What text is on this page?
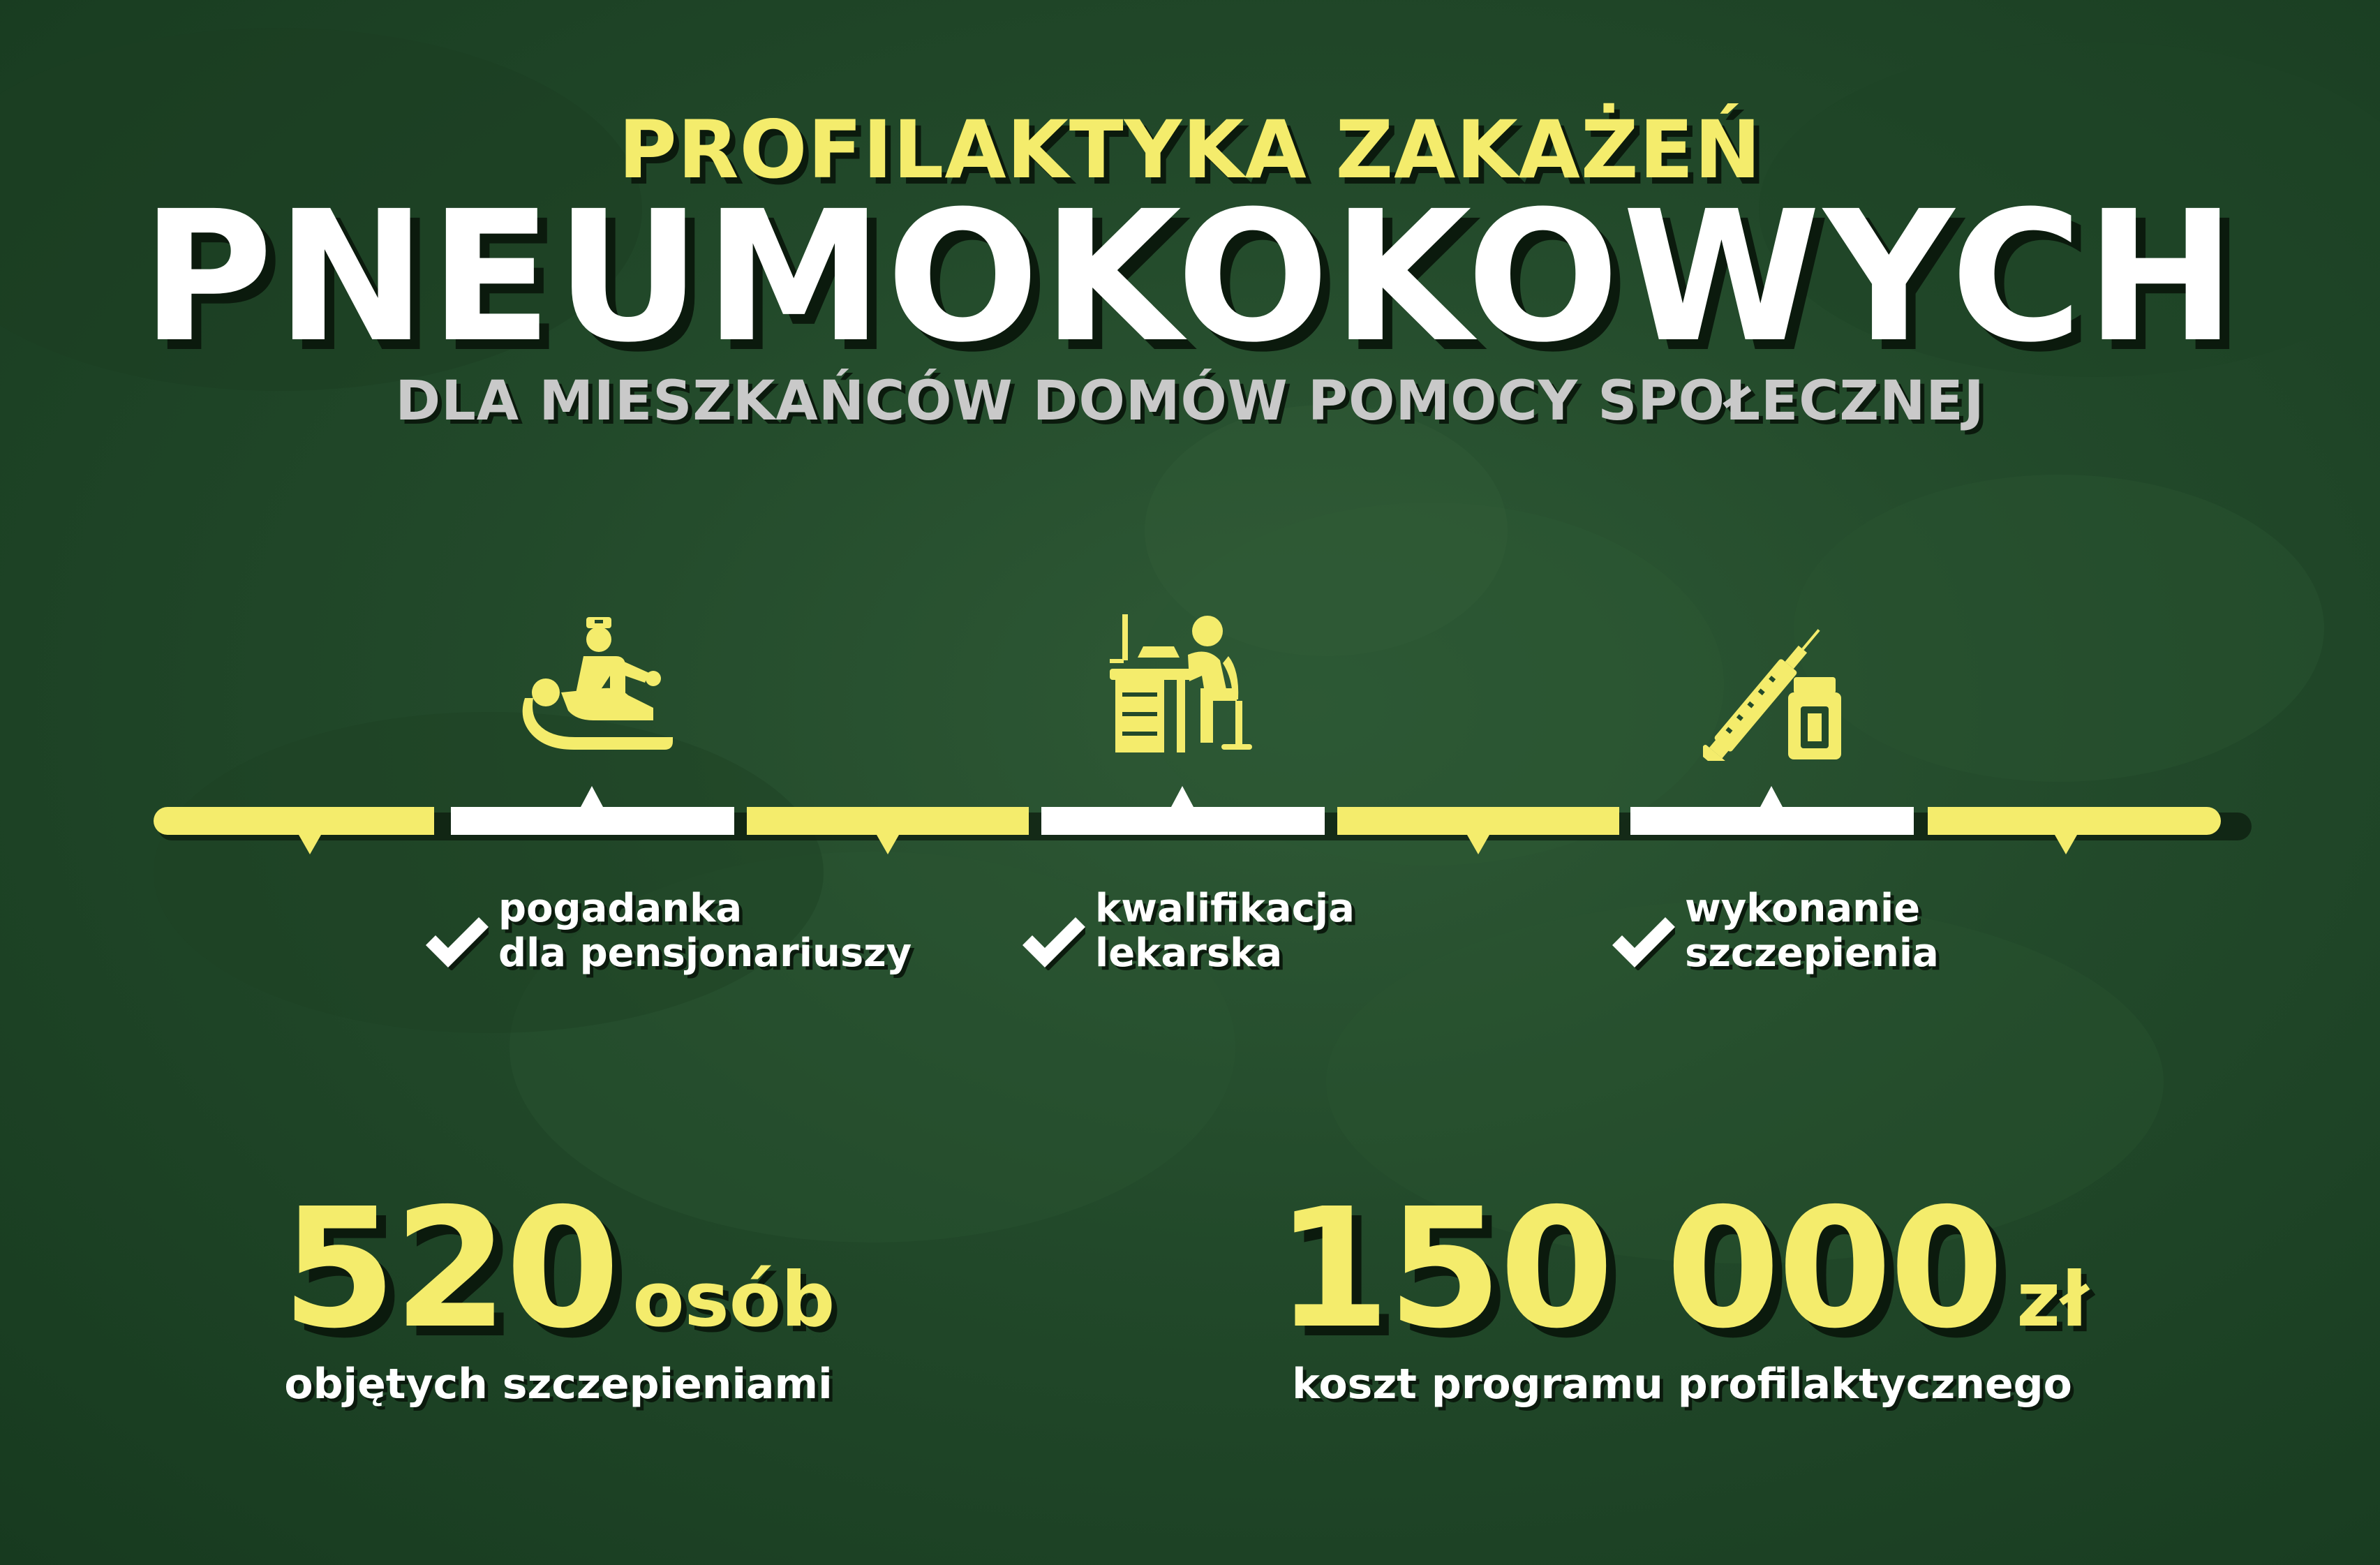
PROFILAKTYKA ZAKAŻEŃ
PNEUMOKOKOWYCH
DLA MIESZKAŃCÓW DOMÓW POMOCY SPOŁECZNEJ
pogadanka
dla pensjonariuszy
kwalifikacja
lekarska
wykonanie
szczepienia
520 osób
objętych szczepieniami
150 000 zł
koszt programu profilaktycznego
